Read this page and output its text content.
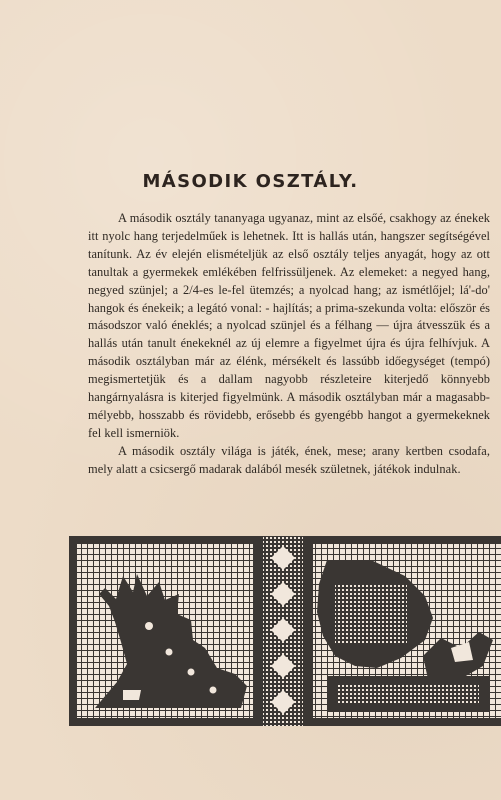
MÁSODIK OSZTÁLY.

A második osztály tananyaga ugyanaz, mint az elsőé, csakhogy az énekek itt nyolc hang terjedelműek is lehetnek. Itt is hallás után, hangszer segítségével tanítunk. Az év elején elismételjük az első osztály teljes anyagát, hogy az ott tanultak a gyermekek emlékében felfrissüljenek. Az elemeket: a negyed hang, negyed szünjel; a 2/4-es le-fel ütemzés; a nyolcad hang; az ismétlőjel; lá'-do' hangok és énekeik; a legátó vonal: - hajlítás; a prima-szekunda volta: először és másodszor való éneklés; a nyolcad szünjel és a félhang — újra átvesszük és a hallás után tanult énekeknél az új elemre a figyelmet újra és újra felhívjuk. A második osztályban már az élénk, mérsékelt és lassúbb időegységet (tempó) megismertetjük és a dallam nagyobb részleteire kiterjedő könnyebb hangárnyalásra is kiterjed figyelmünk. A második osztályban már a magasabb-mélyebb, hosszabb és rövidebb, erősebb és gyengébb hangot a gyermekeknek fel kell ismerniök.

A második osztály világa is játék, ének, mese; arany kertben csodafa, mely alatt a csicsergő madarak dalából mesék születnek, játékok indulnak.
